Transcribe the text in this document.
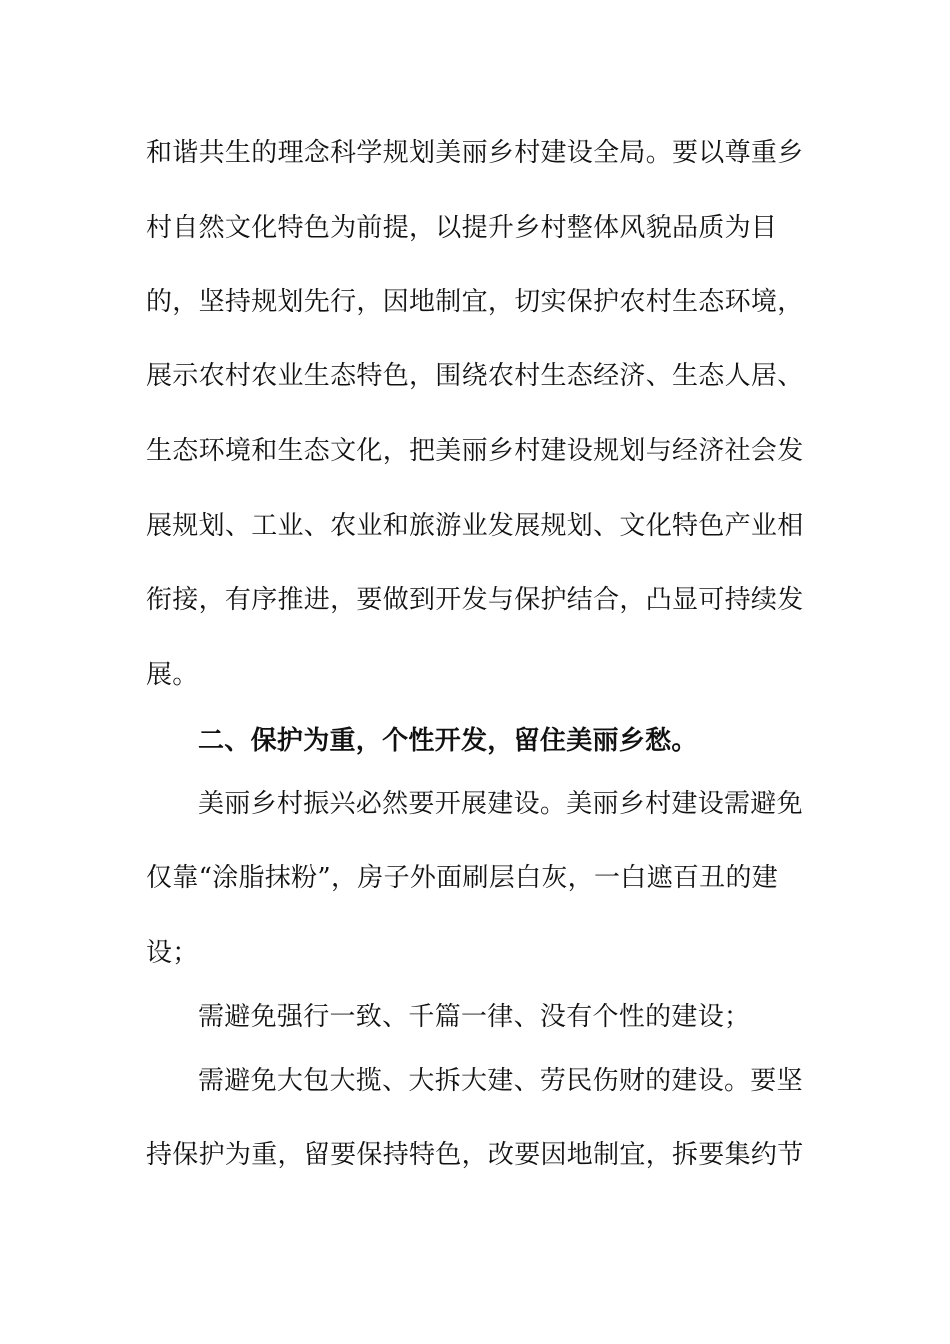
和谐共生的理念科学规划美丽乡村建设全局。要以尊重乡
村自然文化特色为前提，以提升乡村整体风貌品质为目
的，坚持规划先行，因地制宜，切实保护农村生态环境，
展示农村农业生态特色，围绕农村生态经济、生态人居、
生态环境和生态文化，把美丽乡村建设规划与经济社会发
展规划、工业、农业和旅游业发展规划、文化特色产业相
衔接，有序推进，要做到开发与保护结合，凸显可持续发
展。
二、保护为重，个性开发，留住美丽乡愁。
美丽乡村振兴必然要开展建设。美丽乡村建设需避免
仅靠“涂脂抹粉”，房子外面刷层白灰，一白遮百丑的建
设；
需避免强行一致、千篇一律、没有个性的建设；
需避免大包大揽、大拆大建、劳民伤财的建设。要坚
持保护为重，留要保持特色，改要因地制宜，拆要集约节
